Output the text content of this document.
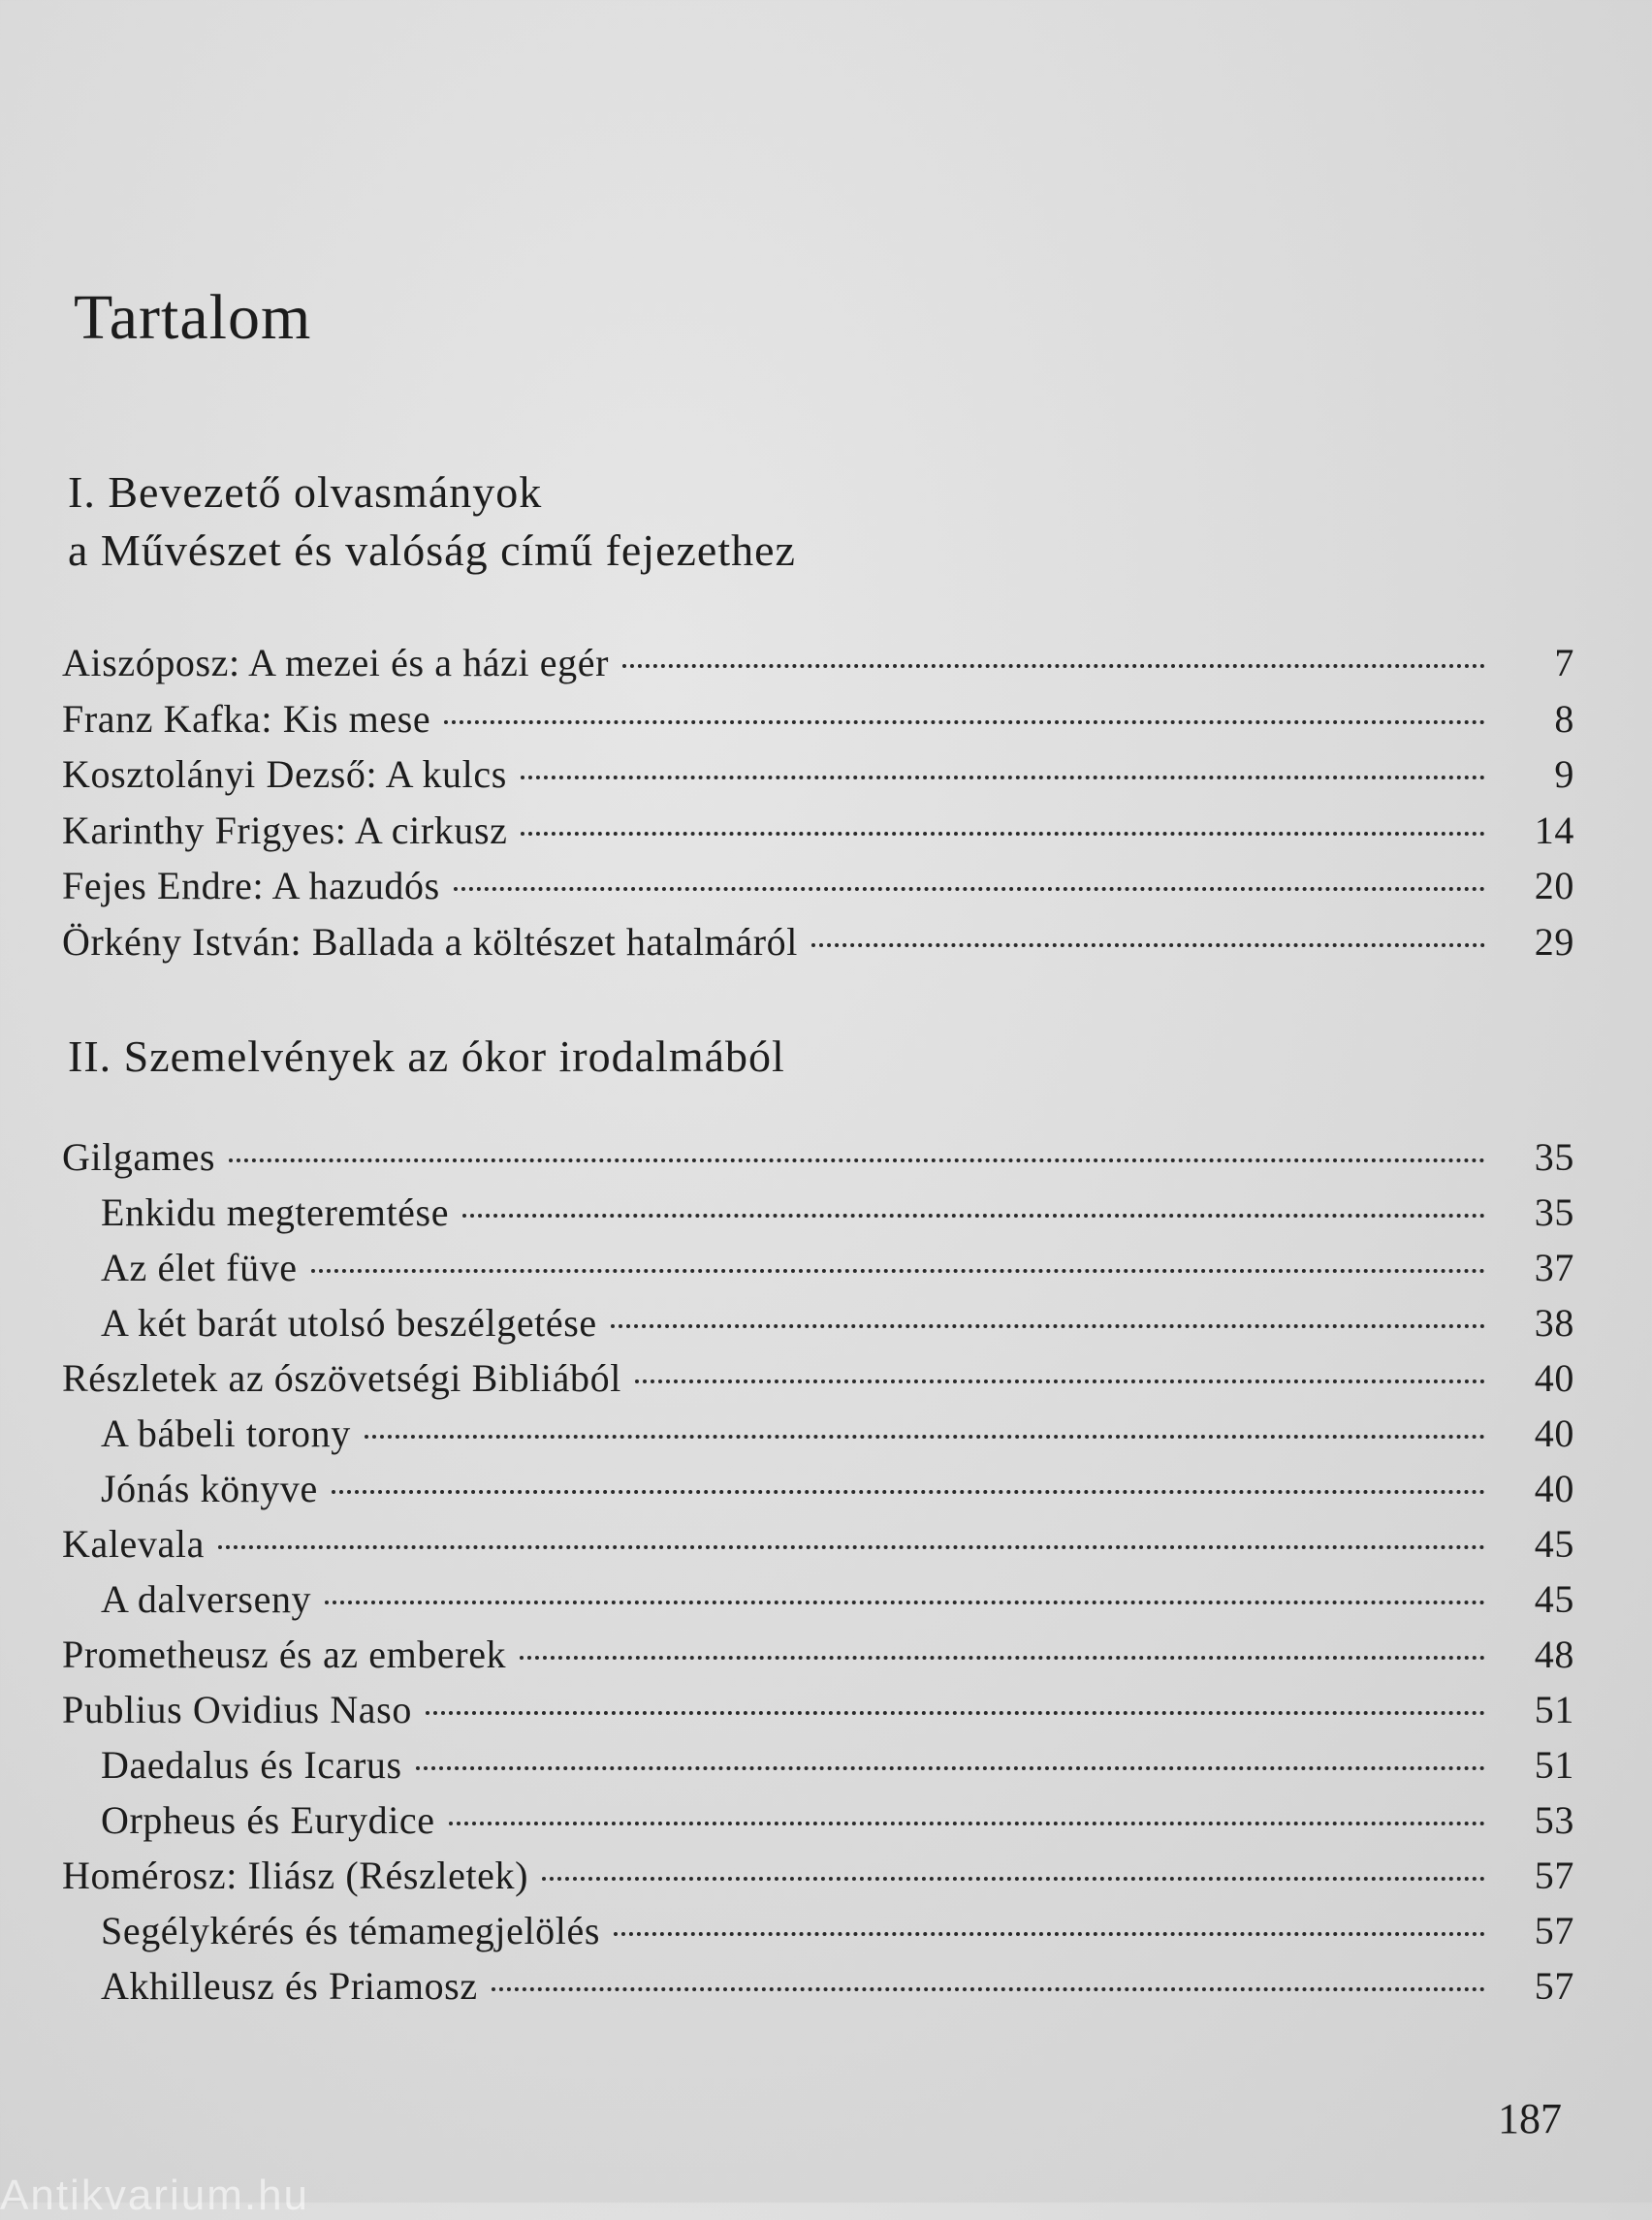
Tartalom
I. Bevezető olvasmányok
a Művészet és valóság című fejezethez
Aiszóposz: A mezei és a házi egér	7
Franz Kafka: Kis mese	8
Kosztolányi Dezső: A kulcs	9
Karinthy Frigyes: A cirkusz	14
Fejes Endre: A hazudós	20
Örkény István: Ballada a költészet hatalmáról	29
II. Szemelvények az ókor irodalmából
Gilgames	35
Enkidu megteremtése	35
Az élet füve	37
A két barát utolsó beszélgetése	38
Részletek az ószövetségi Bibliából	40
A bábeli torony	40
Jónás könyve	40
Kalevala	45
A dalverseny	45
Prometheusz és az emberek	48
Publius Ovidius Naso	51
Daedalus és Icarus	51
Orpheus és Eurydice	53
Homérosz: Iliász (Részletek)	57
Segélykérés és témamegjelölés	57
Akhilleusz és Priamosz	57

187

Antikvarium.hu
